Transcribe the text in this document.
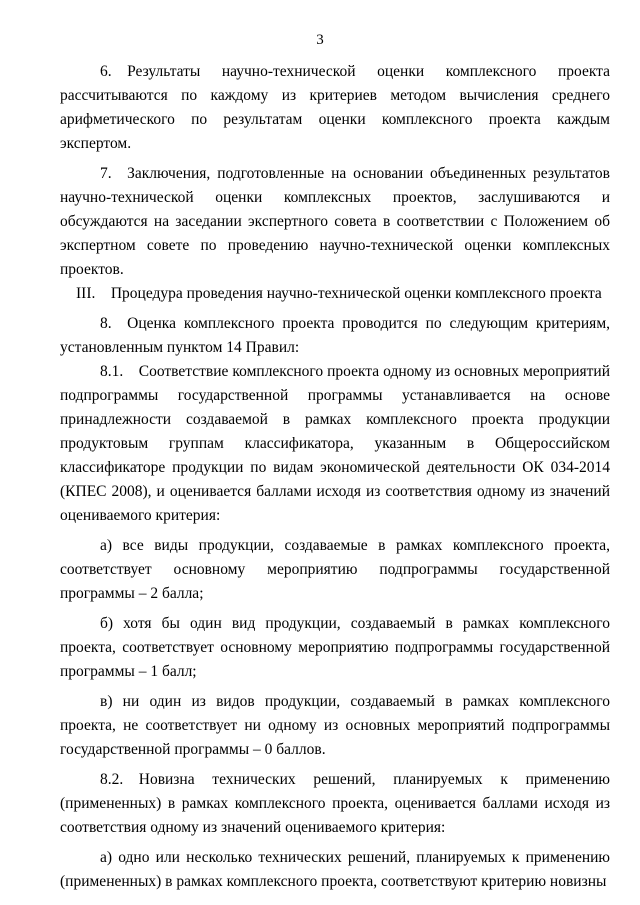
3

6. Результаты научно-технической оценки комплексного проекта рассчитываются по каждому из критериев методом вычисления среднего арифметического по результатам оценки комплексного проекта каждым экспертом.

7. Заключения, подготовленные на основании объединенных результатов научно-технической оценки комплексных проектов, заслушиваются и обсуждаются на заседании экспертного совета в соответствии с Положением об экспертном совете по проведению научно-технической оценки комплексных проектов.

III. Процедура проведения научно-технической оценки комплексного проекта

8. Оценка комплексного проекта проводится по следующим критериям, установленным пунктом 14 Правил:

8.1. Соответствие комплексного проекта одному из основных мероприятий подпрограммы государственной программы устанавливается на основе принадлежности создаваемой в рамках комплексного проекта продукции продуктовым группам классификатора, указанным в Общероссийском классификаторе продукции по видам экономической деятельности ОК 034-2014 (КПЕС 2008), и оценивается баллами исходя из соответствия одному из значений оцениваемого критерия:

а) все виды продукции, создаваемые в рамках комплексного проекта, соответствует основному мероприятию подпрограммы государственной программы – 2 балла;

б) хотя бы один вид продукции, создаваемый в рамках комплексного проекта, соответствует основному мероприятию подпрограммы государственной программы – 1 балл;

в) ни один из видов продукции, создаваемый в рамках комплексного проекта, не соответствует ни одному из основных мероприятий подпрограммы государственной программы – 0 баллов.

8.2. Новизна технических решений, планируемых к применению (примененных) в рамках комплексного проекта, оценивается баллами исходя из соответствия одному из значений оцениваемого критерия:

а) одно или несколько технических решений, планируемых к применению (примененных) в рамках комплексного проекта, соответствуют критерию новизны
